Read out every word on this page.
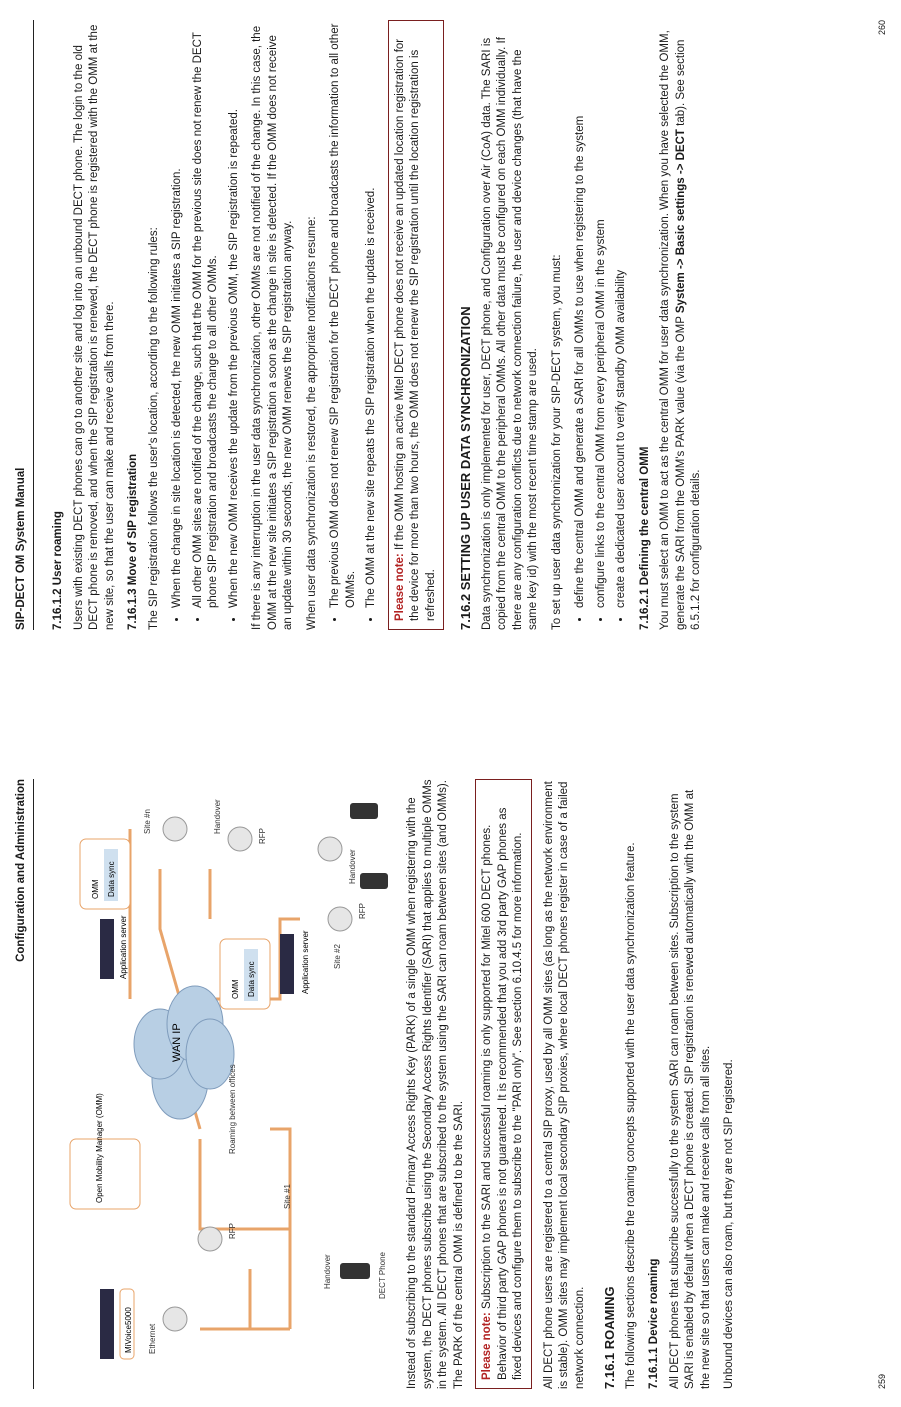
Configuration and Administration
WAN IP
MiVoice5000
Open Mobility Manager (OMM)
Application server
OMM Data sync
Application server
OMM Data sync
Ethernet
Handover	DECT Phone
RFP
Site #1
Roaming between offices
RFP
RFP
Site #2
Handover
Handover
Site #n	Instead of subscribing to the standard Primary Access Rights Key (PARK) of a single OMM when registering with the system, the DECT phones subscribe using the Secondary Access Rights Identifier (SARI) that applies to multiple OMMs in the system. All DECT phones that are subscribed to the system using the SARI can roam between sites (and OMMs). The PARK of the central OMM is defined to be the SARI.	Please note: Subscription to the SARI and successful roaming is only supported for Mitel 600 DECT phones. Behavior of third party GAP phones is not guaranteed. It is recommended that you add 3rd party GAP phones as fixed devices and configure them to subscribe to the "PARI only". See section 6.10.4.5 for more information.	All DECT phone users are registered to a central SIP proxy, used by all OMM sites (as long as the network environment is stable). OMM sites may implement local secondary SIP proxies, where local DECT phones register in case of a failed network connection. 7.16.1 ROAMING The following sections describe the roaming concepts supported with the user data synchronization feature. 7.16.1.1 Device roaming All DECT phones that subscribe successfully to the system SARI can roam between sites. Subscription to the system SARI is enabled by default when a DECT phone is created. SIP registration is renewed automatically with the OMM at the new site so that users can make and receive calls from all sites. Unbound devices can also roam, but they are not SIP registered.	259
SIP-DECT OM System Manual 7.16.1.2 User roaming Users with existing DECT phones can go to another site and log into an unbound DECT phone. The login to the old DECT phone is removed, and when the SIP registration is renewed, the DECT phone is registered with the OMM at the new site, so that the user can make and receive calls from there. 7.16.1.3 Move of SIP registration The SIP registration follows the user's location, according to the following rules: • When the change in site location is detected, the new OMM initiates a SIP registration. • All other OMM sites are notified of the change, such that the OMM for the previous site does not renew the DECT phone SIP registration and broadcasts the change to all other OMMs. • When the new OMM receives the update from the previous OMM, the SIP registration is repeated. If there is any interruption in the user data synchronization, other OMMs are not notified of the change. In this case, the OMM at the new site initiates a SIP registration a soon as the change in site is detected. If the OMM does not receive an update within 30 seconds, the new OMM renews the SIP registration anyway. When user data synchronization is restored, the appropriate notifications resume: • The previous OMM does not renew SIP registration for the DECT phone and broadcasts the information to all other OMMs. • The OMM at the new site repeats the SIP registration when the update is received.	Please note: If the OMM hosting an active Mitel DECT phone does not receive an updated location registration for the device for more than two hours, the OMM does not renew the SIP registration until the location registration is refreshed.	7.16.2 SETTING UP USER DATA SYNCHRONIZATION Data synchronization is only implemented for user, DECT phone, and Configuration over Air (CoA) data. The SARI is copied from the central OMM to the peripheral OMMs. All other data must be configured on each OMM individually. If there are any configuration conflicts due to network connection failure, the user and device changes (that have the same key id) with the most recent time stamp are used. To set up user data synchronization for your SIP-DECT system, you must: • define the central OMM and generate a SARI for all OMMs to use when registering to the system • configure links to the central OMM from every peripheral OMM in the system • create a dedicated user account to verify standby OMM availability 7.16.2.1 Defining the central OMM You must select an OMM to act as the central OMM for user data synchronization. When you have selected the OMM, generate the SARI from the OMM's PARK value (via the OMP System -> Basic settings -> DECT tab). See section 6.5.1.2 for configuration details.

260
